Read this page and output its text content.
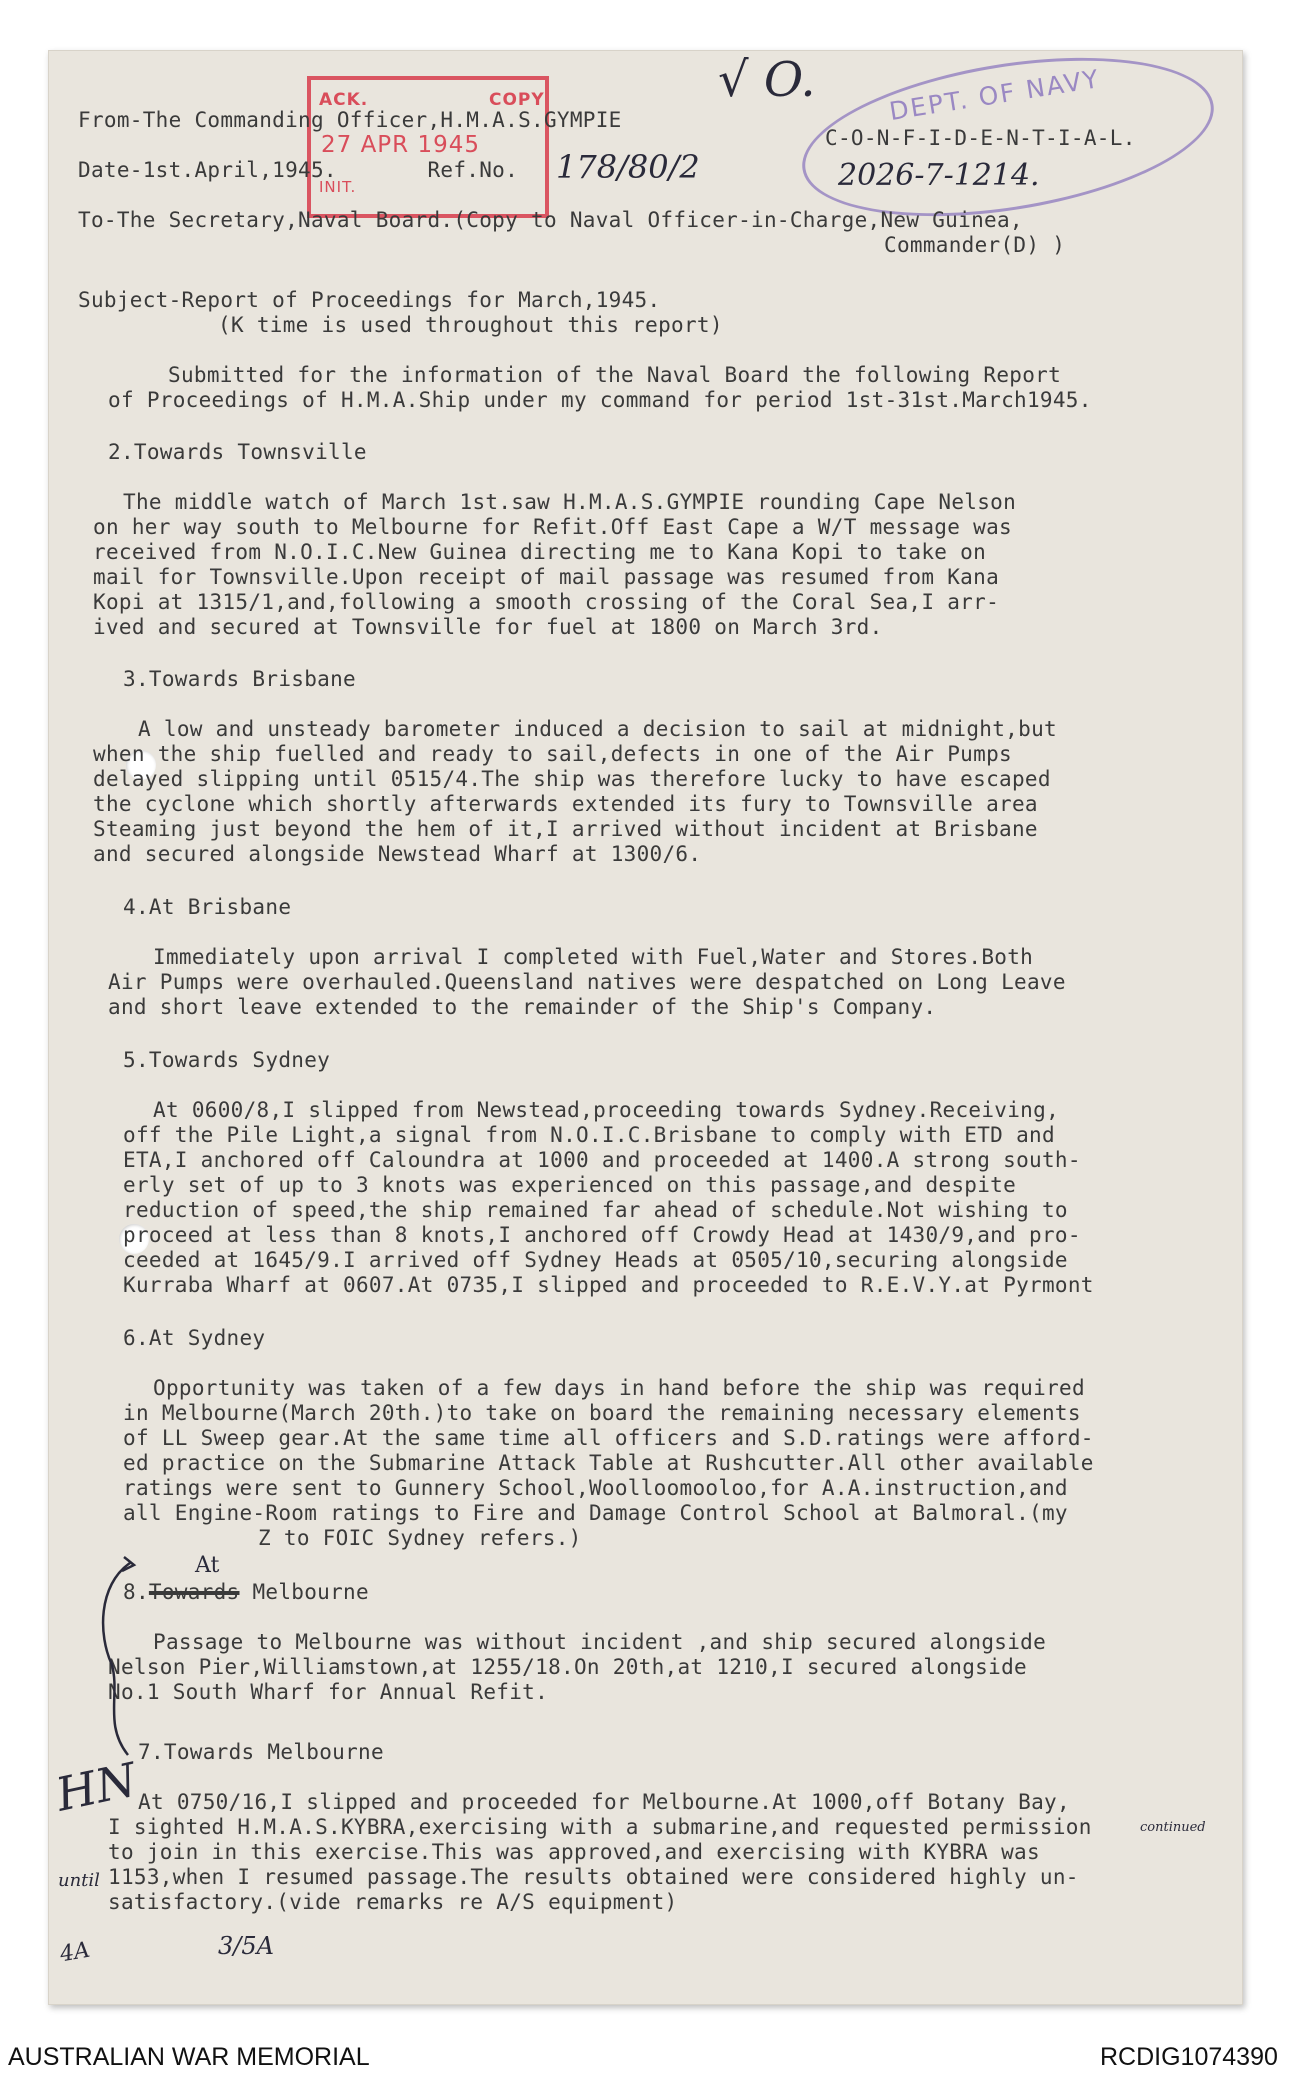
ACK.	COPY
27 APR 1945
INIT.
DEPT. OF NAVY
From-The Commanding Officer,H.M.A.S.GYMPIE
Date-1st.April,1945.       Ref.No. 178/80/2
To-The Secretary,Naval Board.(Copy to Naval Officer-in-Charge,New Guinea,
Commander(D) )
C-O-N-F-I-D-E-N-T-I-A-L.
2026-7-1214.
√ O.
Subject-Report of Proceedings for March,1945.
(K time is used throughout this report)
Submitted for the information of the Naval Board the following Report
of Proceedings of H.M.A.Ship under my command for period 1st-31st.March1945.
2.Towards Townsville
The middle watch of March 1st.saw H.M.A.S.GYMPIE rounding Cape Nelson
on her way south to Melbourne for Refit.Off East Cape a W/T message was
received from N.O.I.C.New Guinea directing me to Kana Kopi to take on
mail for Townsville.Upon receipt of mail passage was resumed from Kana
Kopi at 1315/1,and,following a smooth crossing of the Coral Sea,I arr-
ived and secured at Townsville for fuel at 1800 on March 3rd.
3.Towards Brisbane
A low and unsteady barometer induced a decision to sail at midnight,but
when the ship fuelled and ready to sail,defects in one of the Air Pumps
delayed slipping until 0515/4.The ship was therefore lucky to have escaped
the cyclone which shortly afterwards extended its fury to Townsville area
Steaming just beyond the hem of it,I arrived without incident at Brisbane
and secured alongside Newstead Wharf at 1300/6.
4.At Brisbane
Immediately upon arrival I completed with Fuel,Water and Stores.Both
Air Pumps were overhauled.Queensland natives were despatched on Long Leave
and short leave extended to the remainder of the Ship's Company.
5.Towards Sydney
At 0600/8,I slipped from Newstead,proceeding towards Sydney.Receiving,
off the Pile Light,a signal from N.O.I.C.Brisbane to comply with ETD and
ETA,I anchored off Caloundra at 1000 and proceeded at 1400.A strong south-
erly set of up to 3 knots was experienced on this passage,and despite
reduction of speed,the ship remained far ahead of schedule.Not wishing to
proceed at less than 8 knots,I anchored off Crowdy Head at 1430/9,and pro-
ceeded at 1645/9.I arrived off Sydney Heads at 0505/10,securing alongside
Kurraba Wharf at 0607.At 0735,I slipped and proceeded to R.E.V.Y.at Pyrmont
6.At Sydney
Opportunity was taken of a few days in hand before the ship was required
in Melbourne(March 20th.)to take on board the remaining necessary elements
of LL Sweep gear.At the same time all officers and S.D.ratings were afford-
ed practice on the Submarine Attack Table at Rushcutter.All other available
ratings were sent to Gunnery School,Woolloomooloo,for A.A.instruction,and
all Engine-Room ratings to Fire and Damage Control School at Balmoral.(my
Z to FOIC Sydney refers.)
At
8.Towards Melbourne
Passage to Melbourne was without incident ,and ship secured alongside
Nelson Pier,Williamstown,at 1255/18.On 20th,at 1210,I secured alongside
No.1 South Wharf for Annual Refit.
7.Towards Melbourne
At 0750/16,I slipped and proceeded for Melbourne.At 1000,off Botany Bay,
I sighted H.M.A.S.KYBRA,exercising with a submarine,and requested permission
to join in this exercise.This was approved,and exercising with KYBRA was
1153,when I resumed passage.The results obtained were considered highly un-
satisfactory.(vide remarks re A/S equipment)
HN
continued
until
4A	3/5A
AUSTRALIAN WAR MEMORIAL	RCDIG1074390
